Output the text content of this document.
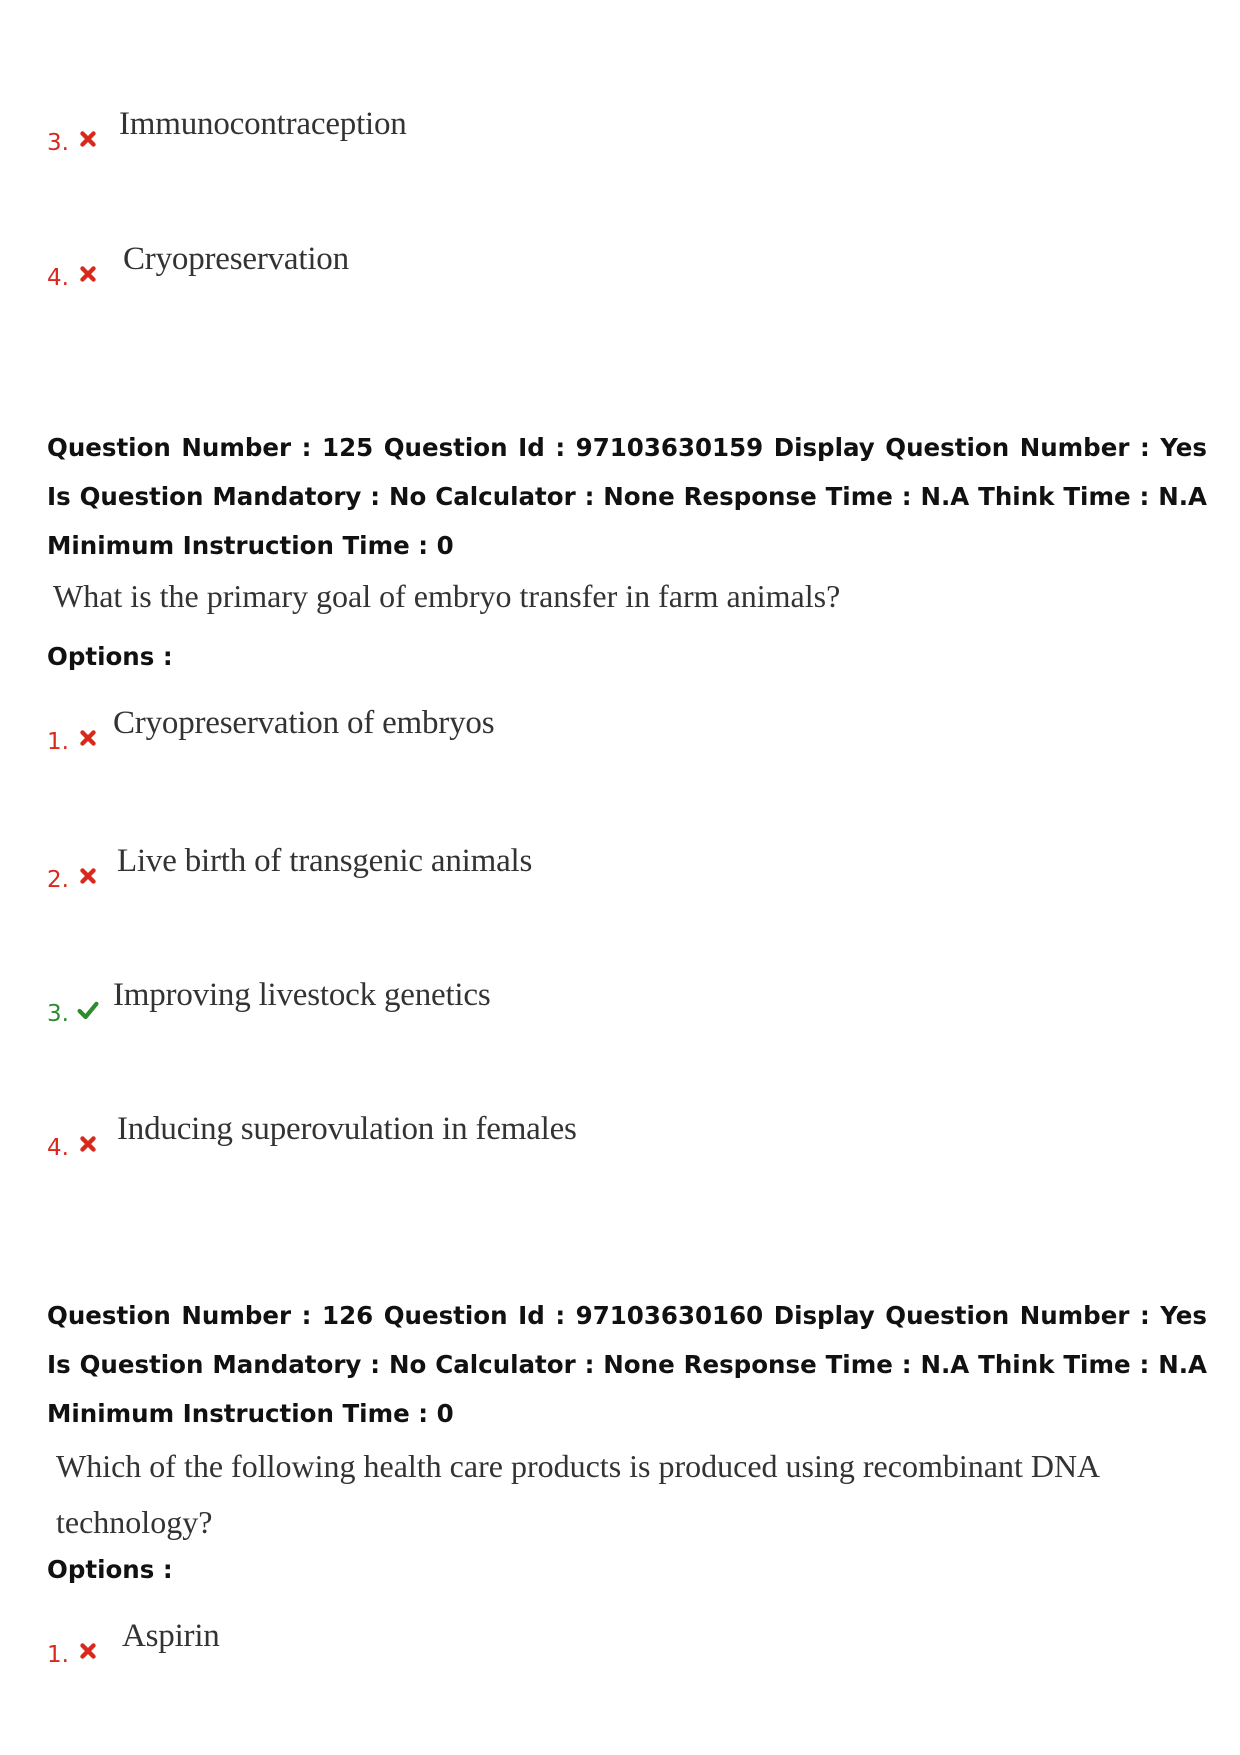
3.
Immunocontraception
4.
Cryopreservation
Question Number : 125 Question Id : 97103630159 Display Question Number : Yes Is Question Mandatory : No Calculator : None Response Time : N.A Think Time : N.A Minimum Instruction Time : 0
What is the primary goal of embryo transfer in farm animals?
Options :
1.
Cryopreservation of embryos
2.
Live birth of transgenic animals
3.
Improving livestock genetics
4.
Inducing superovulation in females
Question Number : 126 Question Id : 97103630160 Display Question Number : Yes Is Question Mandatory : No Calculator : None Response Time : N.A Think Time : N.A Minimum Instruction Time : 0
Which of the following health care products is produced using recombinant DNA
technology?
Options :
1.
Aspirin
